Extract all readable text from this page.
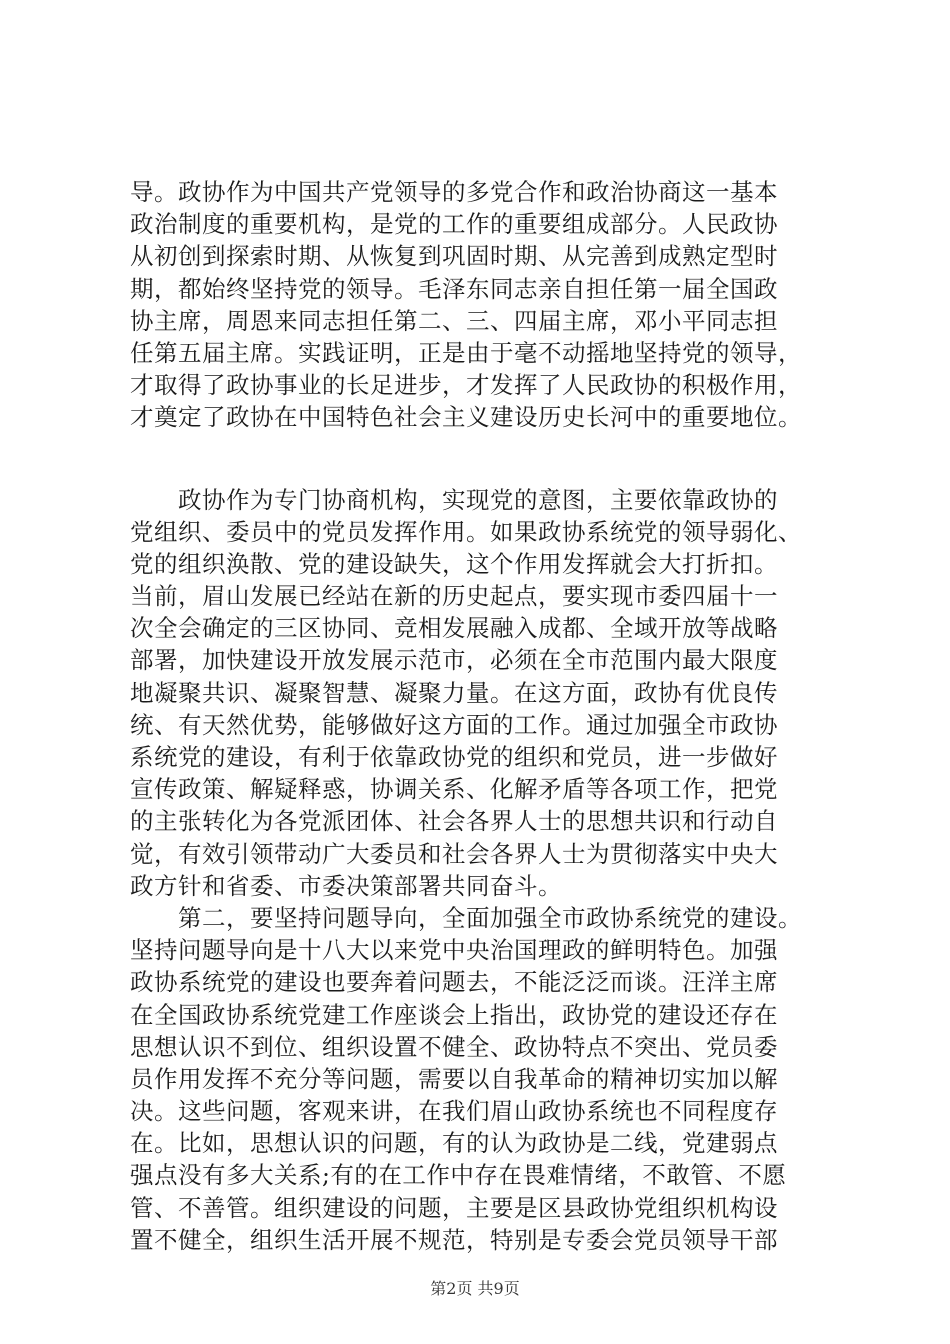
导。政协作为中国共产党领导的多党合作和政治协商这一基本
政治制度的重要机构，是党的工作的重要组成部分。人民政协
从初创到探索时期、从恢复到巩固时期、从完善到成熟定型时
期，都始终坚持党的领导。毛泽东同志亲自担任第一届全国政
协主席，周恩来同志担任第二、三、四届主席，邓小平同志担
任第五届主席。实践证明，正是由于毫不动摇地坚持党的领导，
才取得了政协事业的长足进步，才发挥了人民政协的积极作用，
才奠定了政协在中国特色社会主义建设历史长河中的重要地位。
　　政协作为专门协商机构，实现党的意图，主要依靠政协的
党组织、委员中的党员发挥作用。如果政协系统党的领导弱化、
党的组织涣散、党的建设缺失，这个作用发挥就会大打折扣。
当前，眉山发展已经站在新的历史起点，要实现市委四届十一
次全会确定的三区协同、竞相发展融入成都、全域开放等战略
部署，加快建设开放发展示范市，必须在全市范围内最大限度
地凝聚共识、凝聚智慧、凝聚力量。在这方面，政协有优良传
统、有天然优势，能够做好这方面的工作。通过加强全市政协
系统党的建设，有利于依靠政协党的组织和党员，进一步做好
宣传政策、解疑释惑，协调关系、化解矛盾等各项工作，把党
的主张转化为各党派团体、社会各界人士的思想共识和行动自
觉，有效引领带动广大委员和社会各界人士为贯彻落实中央大
政方针和省委、市委决策部署共同奋斗。
　　第二，要坚持问题导向，全面加强全市政协系统党的建设。
坚持问题导向是十八大以来党中央治国理政的鲜明特色。加强
政协系统党的建设也要奔着问题去，不能泛泛而谈。汪洋主席
在全国政协系统党建工作座谈会上指出，政协党的建设还存在
思想认识不到位、组织设置不健全、政协特点不突出、党员委
员作用发挥不充分等问题，需要以自我革命的精神切实加以解
决。这些问题，客观来讲，在我们眉山政协系统也不同程度存
在。比如，思想认识的问题，有的认为政协是二线，党建弱点
强点没有多大关系;有的在工作中存在畏难情绪，不敢管、不愿
管、不善管。组织建设的问题，主要是区县政协党组织机构设
置不健全，组织生活开展不规范，特别是专委会党员领导干部
第2页 共9页
